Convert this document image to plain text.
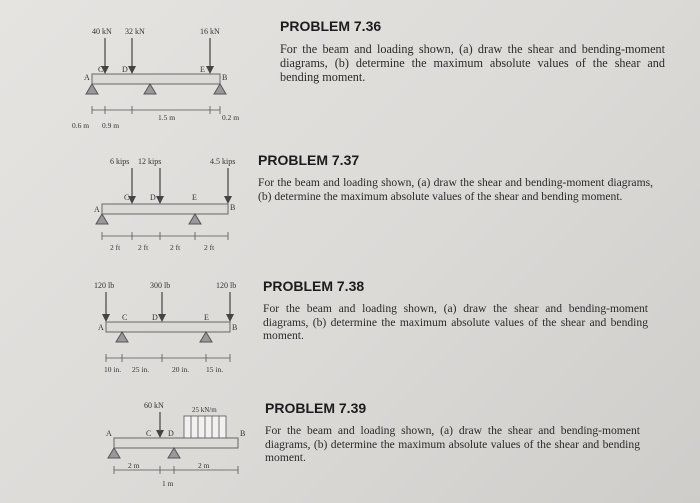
40 kN 32 kN	16 kN
A
C D	E
B
0.6 m 0.9 m
1.5 m	0.2 m
6 kips 12 kips	4.5 kips
A
C	D	E
B
2 ft 2 ft	2 ft	2 ft
120 lb	300 lb	120 lb
A
C	D	E
B
10 in. 25 in.	20 in. 15 in.
60 kN	25 kN/m
A	C D	B
2 m	2 m
1 m
PROBLEM 7.36

For the beam and loading shown, (a) draw the shear and bending-moment diagrams, (b) determine the maximum absolute values of the shear and bending moment.

PROBLEM 7.37

For the beam and loading shown, (a) draw the shear and bending-moment diagrams, (b) determine the maximum absolute values of the shear and bending moment.

PROBLEM 7.38

For the beam and loading shown, (a) draw the shear and bending-moment diagrams, (b) determine the maximum absolute values of the shear and bending moment.

PROBLEM 7.39

For the beam and loading shown, (a) draw the shear and bending-moment diagrams, (b) determine the maximum absolute values of the shear and bending moment.
